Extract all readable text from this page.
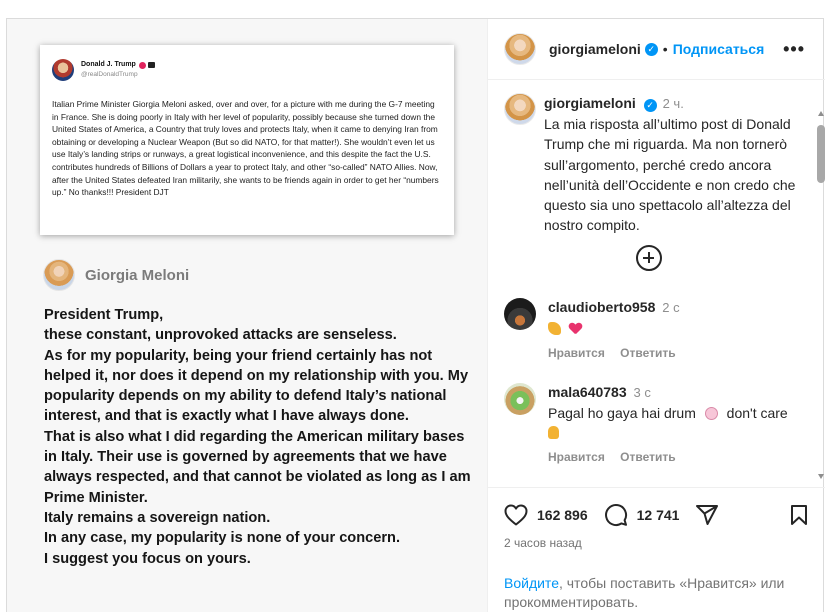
Donald J. Trump
@realDonaldTrump
Italian Prime Minister Giorgia Meloni asked, over and over, for a picture with me during the G-7 meeting in France. She is doing poorly in Italy with her level of popularity, possibly because she turned down the United States of America, a Country that truly loves and protects Italy, when it came to denying Iran from obtaining or developing a Nuclear Weapon (But so did NATO, for that matter!). She wouldn’t even let us use Italy’s landing strips or runways, a great logistical inconvenience, and this despite the fact the U.S. contributes hundreds of Billions of Dollars a year to protect Italy, and other “so-called” NATO Allies. Now, after the United States defeated Iran militarily, she wants to be friends again in order to get her “numbers up.” No thanks!!! President DJT
Giorgia Meloni

President Trump,

these constant, unprovoked attacks are senseless.

As for my popularity, being your friend certainly has not helped it, nor does it depend on my relationship with you. My popularity depends on my ability to defend Italy’s national interest, and that is exactly what I have always done.

That is also what I did regarding the American military bases in Italy. Their use is governed by agreements that we have always respected, and that cannot be violated as long as I am Prime Minister.

Italy remains a sovereign nation.

In any case, my popularity is none of your concern.

I suggest you focus on yours.

giorgiameloni ✓ • Подписаться •••
giorgiameloni ✓ 2 ч.
La mia risposta all’ultimo post di Donald Trump che mi riguarda. Ma non tornerò sull’argomento, perché credo ancora nell’unità dell’Occidente e non credo che questo sia uno spettacolo all’altezza del nostro compito.
claudioberto958 2 с

Нравится Ответить
mala640783 3 с
Pagal ho gaya hai drum don't care

Нравится Ответить
162 896	12 741
2 часов назад
Войдите, чтобы поставить «Нравится» или прокомментировать.
